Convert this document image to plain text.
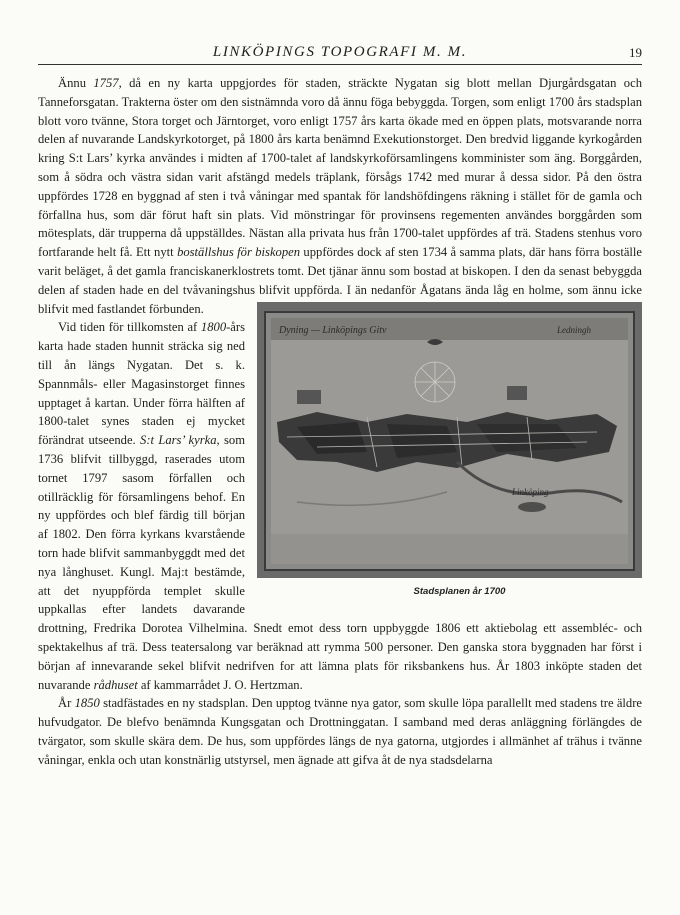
LINKÖPINGS TOPOGRAFI M. M.	19

Ännu 1757, då en ny karta uppgjordes för staden, sträckte Nygatan sig blott mellan Djurgårdsgatan och Tanneforsgatan. Trakterna öster om den sistnämnda voro då ännu föga bebyggda. Torgen, som enligt 1700 års stadsplan blott voro tvänne, Stora torget och Järntorget, voro enligt 1757 års karta ökade med en öppen plats, motsvarande norra delen af nuvarande Landskyrkotorget, på 1800 års karta benämnd Exekutionstorget. Den bredvid liggande kyrkogården kring S:t Lars’ kyrka användes i midten af 1700-talet af landskyrkoförsamlingens komminister som äng. Borggården, som å södra och västra sidan varit afstängd medels träplank, försågs 1742 med murar å dessa sidor. På den östra uppfördes 1728 en byggnad af sten i två våningar med spantak för landshöfdingens räkning i stället för de gamla och förfallna hus, som där förut haft sin plats. Vid mönstringar för provinsens regementen användes borggården som mötesplats, där trupperna då uppställdes. Nästan alla privata hus från 1700-talet uppfördes af trä. Stadens stenhus voro fortfarande helt få. Ett nytt boställshus för biskopen uppfördes dock af sten 1734 å samma plats, där hans förra boställe varit beläget, å det gamla franciskanerklostrets tomt. Det tjänar ännu som bostad at biskopen. I den da senast bebyggda delen af staden hade en del tvåvaningshus blifvit uppförda. I än nedanför Ågatans ända låg en holme, som ännu icke blifvit med fastlandet förbunden.
Dyning — Linköpings Gitv	Ledningh
Linköping
Stadsplanen år 1700

Vid tiden för tillkomsten af 1800-års karta hade staden hunnit sträcka sig ned till ån längs Nygatan. Det s. k. Spannmåls- eller Magasinstorget finnes upptaget å kartan. Under förra hälften af 1800-talet synes staden ej mycket förändrat utseende. S:t Lars’ kyrka, som 1736 blifvit tillbyggd, raserades utom tornet 1797 sasom förfallen och otillräcklig för församlingens behof. En ny uppfördes och blef färdig till början af 1802. Den förra kyrkans kvarstående torn hade blifvit sammanbyggdt med det nya långhuset. Kungl. Maj:t bestämde, att det nyuppförda templet skulle uppkallas efter landets davarande drottning, Fredrika Dorotea Vilhelmina. Snedt emot dess torn uppbyggde 1806 ett aktiebolag ett assembléc- och spektakelhus af trä. Dess teatersalong var beräknad att rymma 500 personer. Den ganska stora byggnaden har först i början af innevarande sekel blifvit nedrifven for att lämna plats för riksbankens hus. År 1803 inköpte staden det nuvarande rådhuset af kammarrådet J. O. Hertzman.

År 1850 stadfästades en ny stadsplan. Den upptog tvänne nya gator, som skulle löpa parallellt med stadens tre äldre hufvudgator. De blefvo benämnda Kungsgatan och Drottninggatan. I samband med deras anläggning förlängdes de tvärgator, som skulle skära dem. De hus, som uppfördes längs de nya gatorna, utgjordes i allmänhet af trähus i tvänne våningar, enkla och utan konstnärlig utstyrsel, men ägnade att gifva åt de nya stadsdelarna
